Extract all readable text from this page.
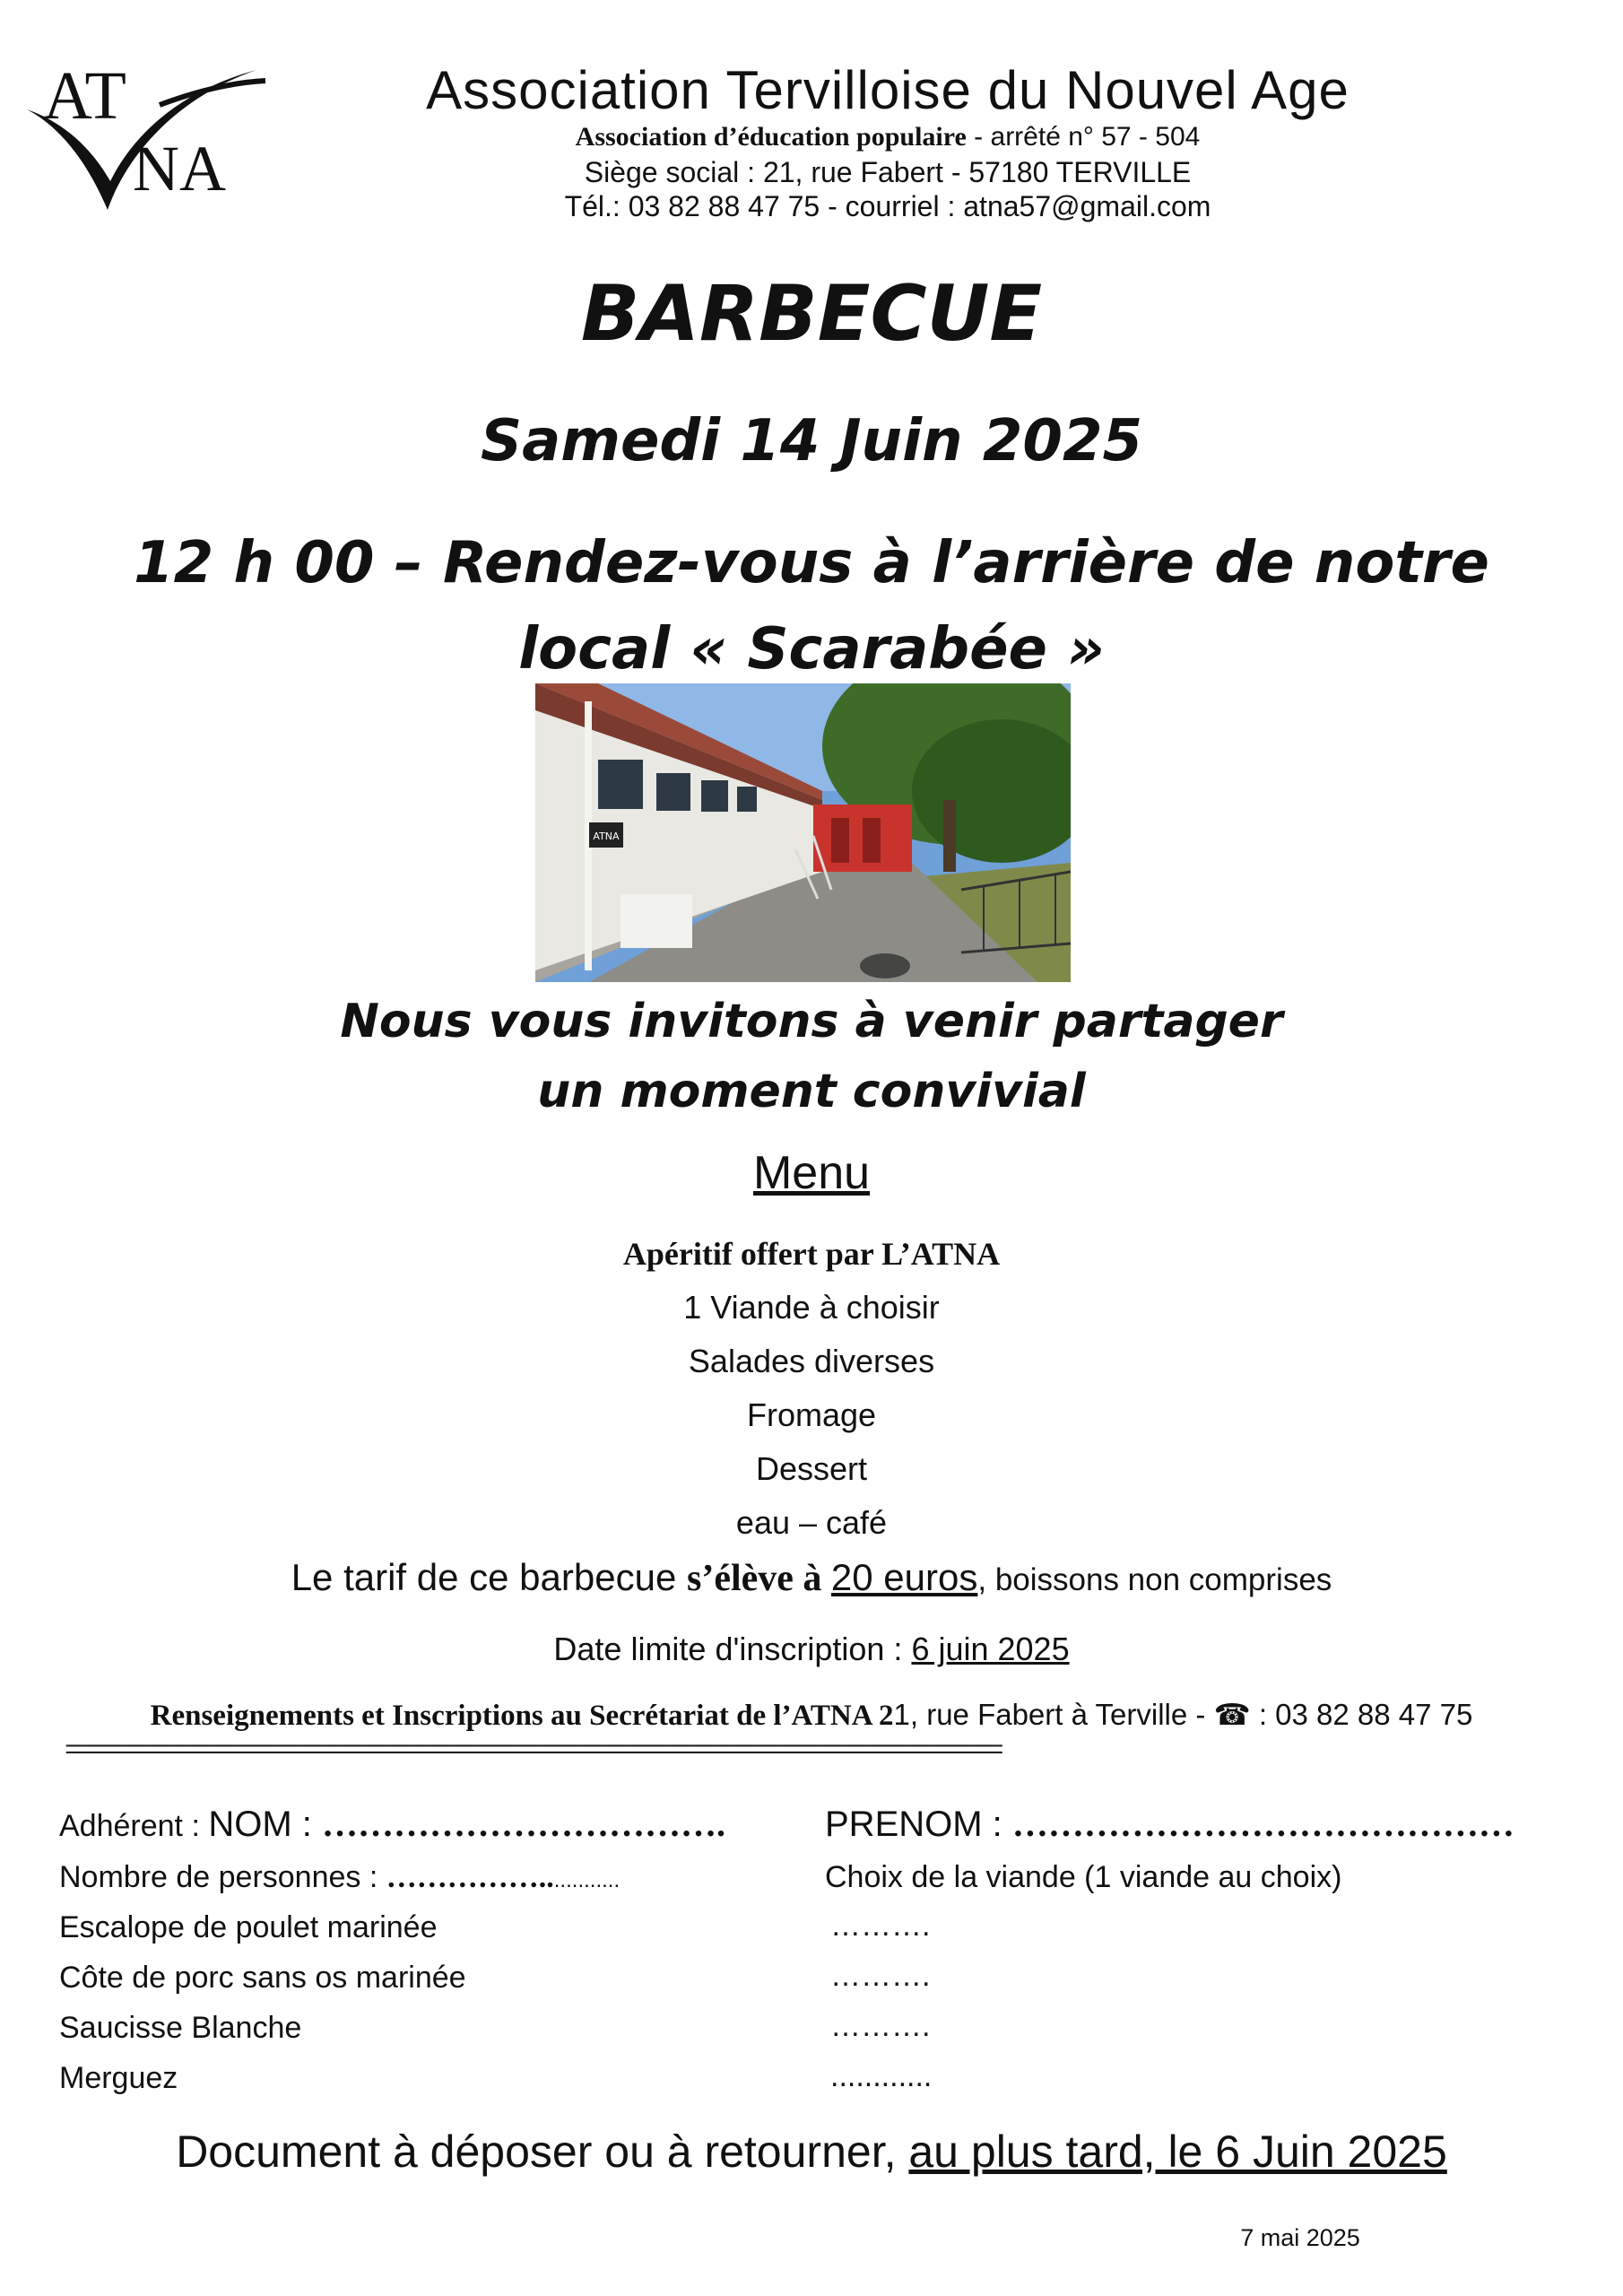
AT
NA
Association Tervilloise du Nouvel Age
Association d’éducation populaire - arrêté n° 57 - 504
Siège social : 21, rue Fabert - 57180 TERVILLE
Tél.: 03 82 88 47 75 - courriel : atna57@gmail.com
BARBECUE
Samedi 14 Juin 2025
12 h 00 – Rendez-vous à l’arrière de notre
local « Scarabée »
ATNA
Nous vous invitons à venir partager
un moment convivial
Menu
Apéritif offert par L’ATNA
1 Viande à choisir
Salades diverses
Fromage
Dessert
eau – café
Le tarif de ce barbecue s’élève à 20 euros, boissons non comprises
Date limite d'inscription : 6 juin 2025
Renseignements et Inscriptions au Secrétariat de l’ATNA 21, rue Fabert à Terville - ☎ : 03 82 88 47 75
==========================================================================
Adhérent : NOM : …………………………….	PRENOM : ……………………………………
Nombre de personnes : …………….............	Choix de la viande (1 viande au choix)
Escalope de poulet marinée	……….
Côte de porc sans os marinée	……….
Saucisse Blanche	……….
Merguez	............
Document à déposer ou à retourner, au plus tard, le 6 Juin 2025
7 mai 2025
